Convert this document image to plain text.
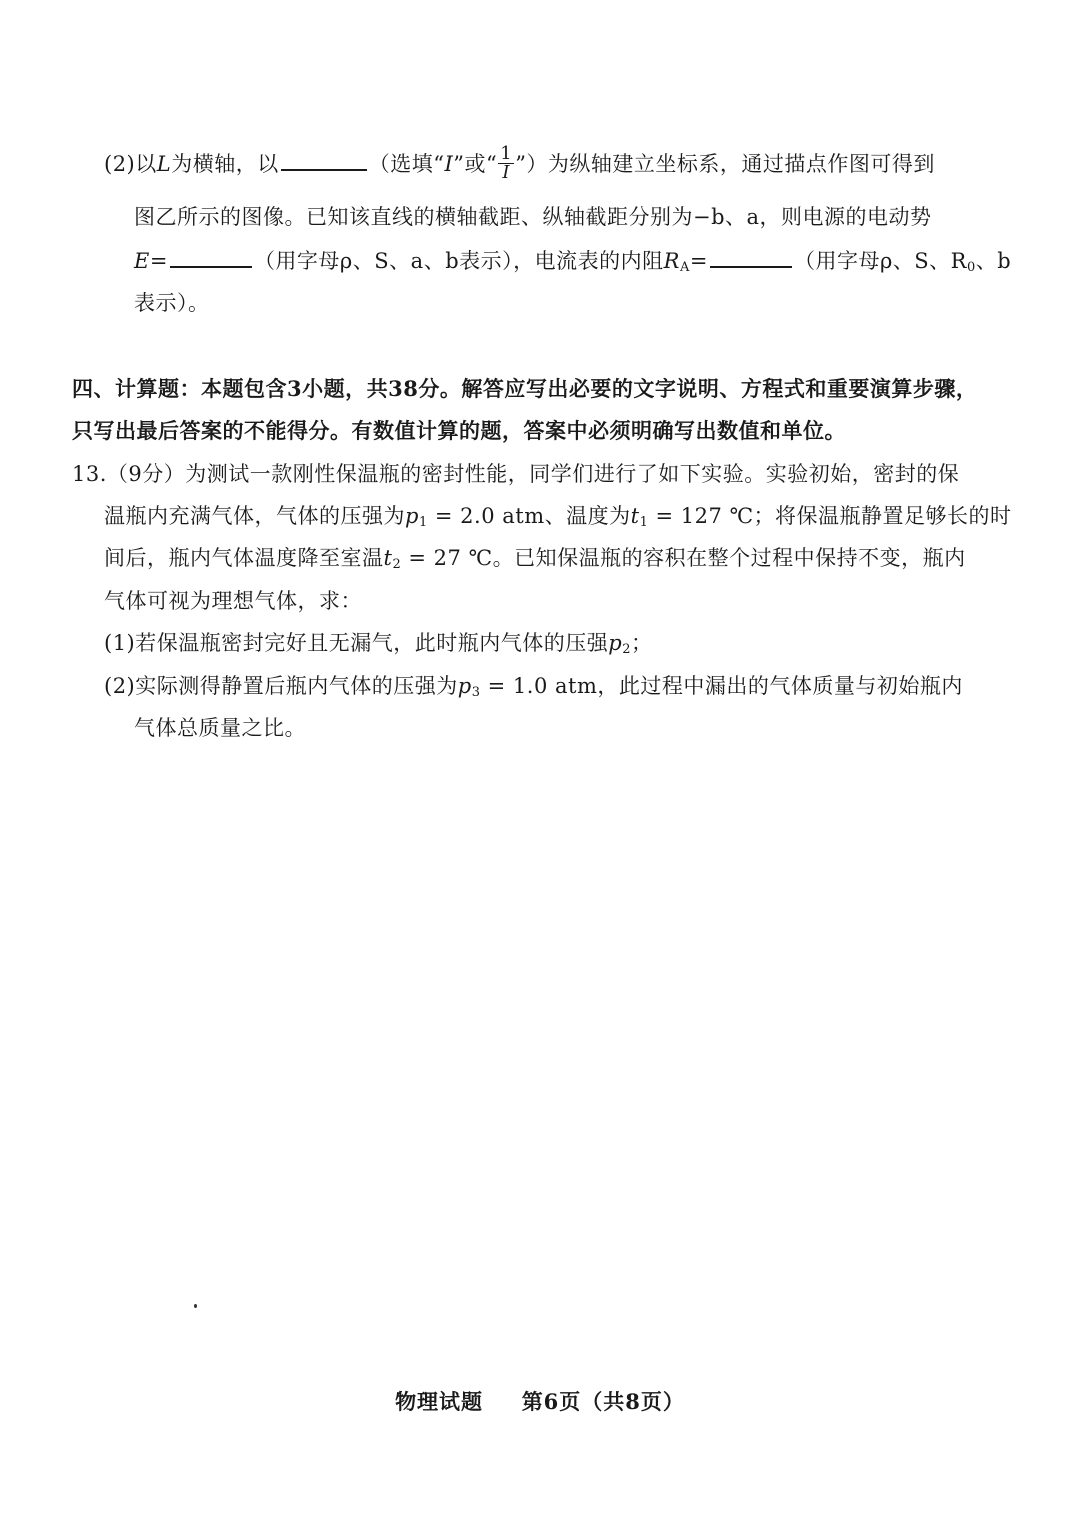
(2)以L为横轴，以	（选填“I”或“ $\frac{1}{I}$ ”）为纵轴建立坐标系，通过描点作图可得到
图乙所示的图像。已知该直线的横轴截距、纵轴截距分别为−b、a，则电源的电动势
E=	（用字母ρ、S、a、b表示），电流表的内阻$R_A=$	（用字母ρ、S、$R_0$、b
表示）。
四、计算题：本题包含3小题，共38分。解答应写出必要的文字说明、方程式和重要演算步骤，
只写出最后答案的不能得分。有数值计算的题，答案中必须明确写出数值和单位。
13.（9分）为测试一款刚性保温瓶的密封性能，同学们进行了如下实验。实验初始，密封的保
温瓶内充满气体，气体的压强为$p_1 = 2.0$ atm、温度为$t_1 = 127$ ℃；将保温瓶静置足够长的时
间后，瓶内气体温度降至室温$t_2 = 27$ ℃。已知保温瓶的容积在整个过程中保持不变，瓶内
气体可视为理想气体，求：
(1)若保温瓶密封完好且无漏气，此时瓶内气体的压强$p_2$；
(2)实际测得静置后瓶内气体的压强为$p_3 = 1.0$ atm，此过程中漏出的气体质量与初始瓶内
气体总质量之比。
物理试题 第6页（共8页）
